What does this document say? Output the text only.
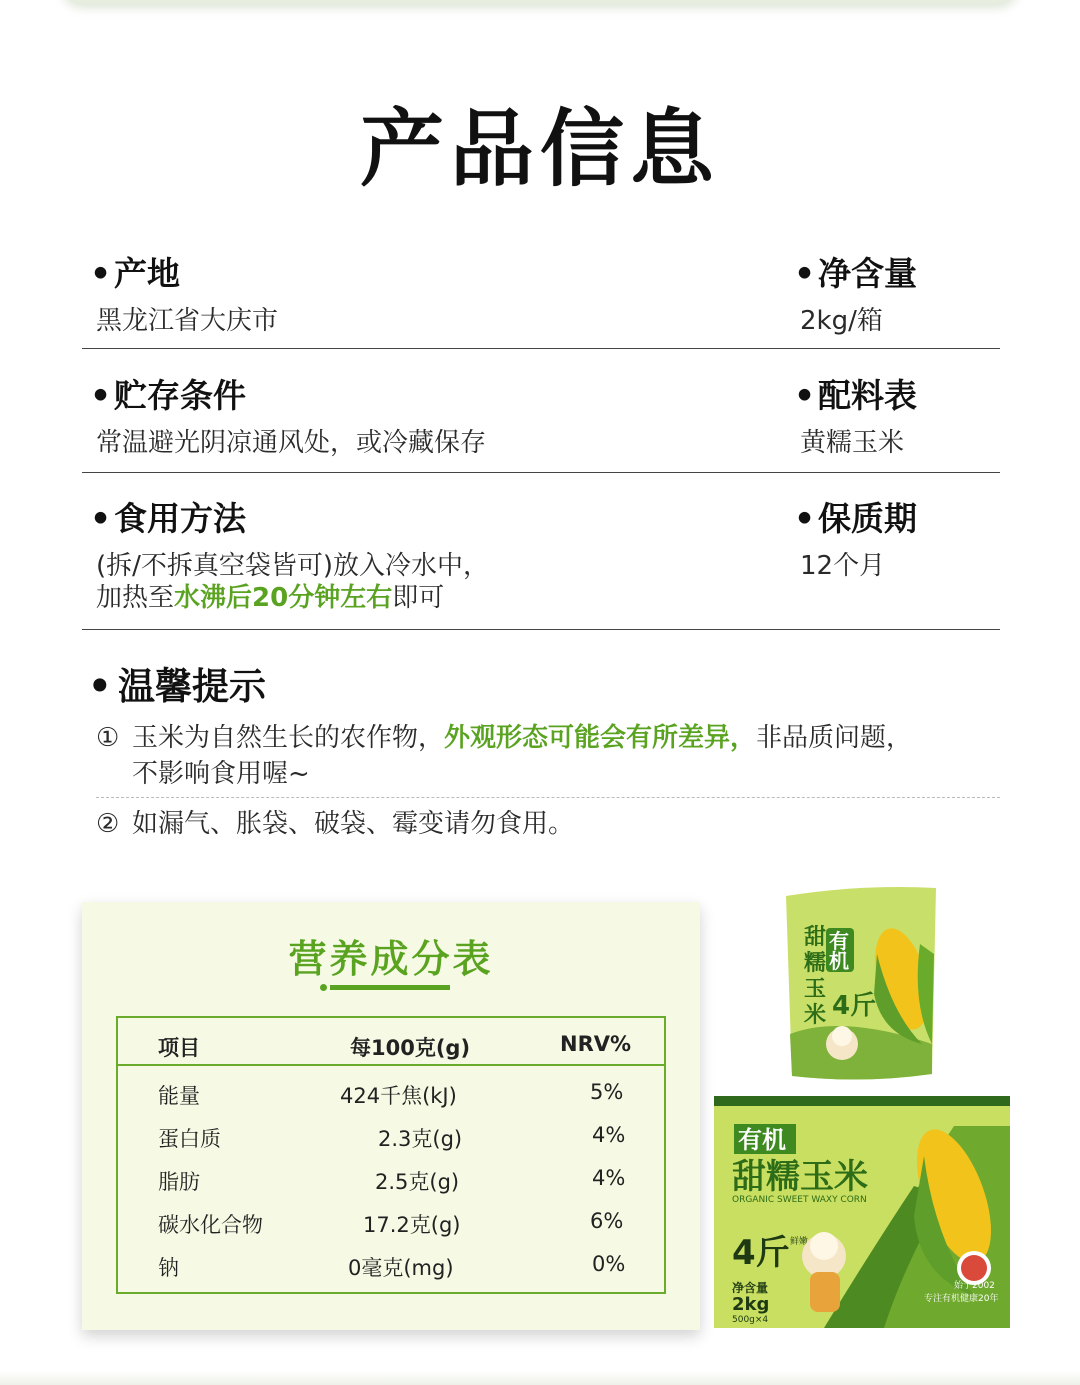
产品信息
•产地
黑龙江省大庆市
•净含量
2kg/箱
•贮存条件
常温避光阴凉通风处，或冷藏保存
•配料表
黄糯玉米
•食用方法
(拆/不拆真空袋皆可)放入冷水中，
加热至水沸后20分钟左右即可
•保质期
12个月
• 温馨提示
① 玉米为自然生长的农作物，外观形态可能会有所差异，非品质问题，
不影响食用喔~
② 如漏气、胀袋、破袋、霉变请勿食用。
营养成分表
项目	每100克(g)	NRV%
能量	424千焦(kJ)	5%
蛋白质	2.3克(g)	4%
脂肪	2.5克(g)	4%
碳水化合物	17.2克(g)	6%
钠	0毫克(mg)	0%
甜
糯
玉
米
有
机
4斤
有机
甜糯玉米
ORGANIC SWEET WAXY CORN
4斤 鲜嫩
净含量
2kg
500g×4
始于2002
专注有机健康20年
